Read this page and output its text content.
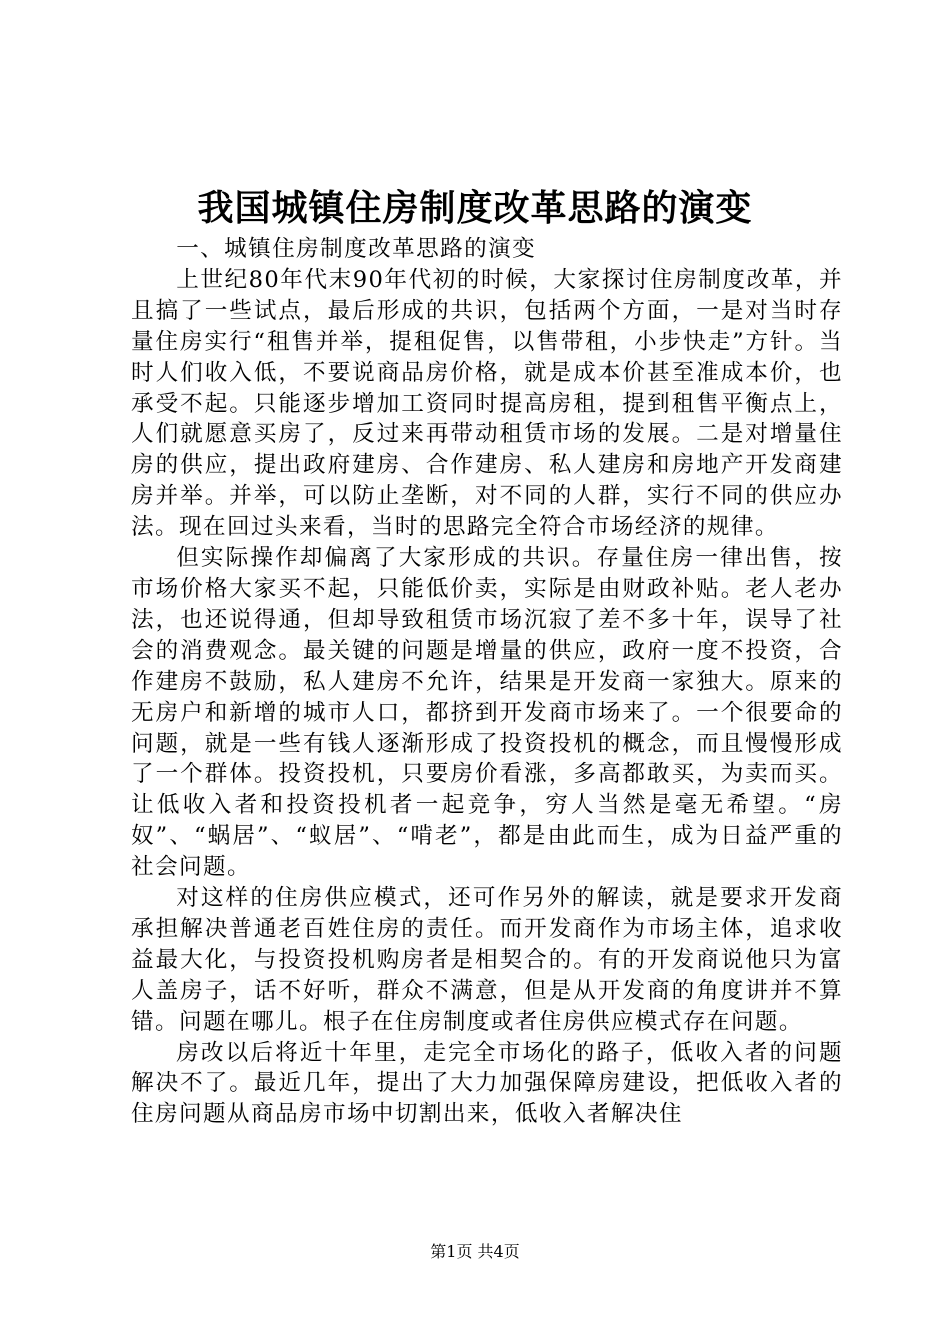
我国城镇住房制度改革思路的演变

一、城镇住房制度改革思路的演变

上世纪80年代末90年代初的时候，大家探讨住房制度改革，并且搞了一些试点，最后形成的共识，包括两个方面，一是对当时存量住房实行“租售并举，提租促售，以售带租，小步快走”方针。当时人们收入低，不要说商品房价格，就是成本价甚至准成本价，也承受不起。只能逐步增加工资同时提高房租，提到租售平衡点上，人们就愿意买房了，反过来再带动租赁市场的发展。二是对增量住房的供应，提出政府建房、合作建房、私人建房和房地产开发商建房并举。并举，可以防止垄断，对不同的人群，实行不同的供应办法。现在回过头来看，当时的思路完全符合市场经济的规律。

但实际操作却偏离了大家形成的共识。存量住房一律出售，按市场价格大家买不起，只能低价卖，实际是由财政补贴。老人老办法，也还说得通，但却导致租赁市场沉寂了差不多十年，误导了社会的消费观念。最关键的问题是增量的供应，政府一度不投资，合作建房不鼓励，私人建房不允许，结果是开发商一家独大。原来的无房户和新增的城市人口，都挤到开发商市场来了。一个很要命的问题，就是一些有钱人逐渐形成了投资投机的概念，而且慢慢形成了一个群体。投资投机，只要房价看涨，多高都敢买，为卖而买。让低收入者和投资投机者一起竞争，穷人当然是毫无希望。“房奴”、“蜗居”、“蚁居”、“啃老”，都是由此而生，成为日益严重的社会问题。

对这样的住房供应模式，还可作另外的解读，就是要求开发商承担解决普通老百姓住房的责任。而开发商作为市场主体，追求收益最大化，与投资投机购房者是相契合的。有的开发商说他只为富人盖房子，话不好听，群众不满意，但是从开发商的角度讲并不算错。问题在哪儿。根子在住房制度或者住房供应模式存在问题。

房改以后将近十年里，走完全市场化的路子，低收入者的问题解决不了。最近几年，提出了大力加强保障房建设，把低收入者的住房问题从商品房市场中切割出来，低收入者解决住

第1页 共4页
